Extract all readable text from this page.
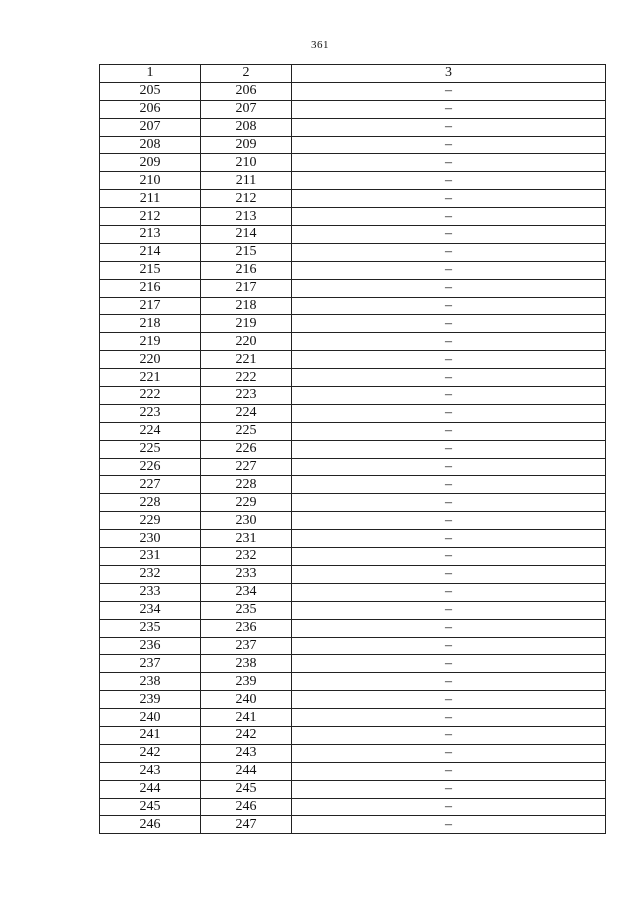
361
1	2	3
205	206	–
206	207	–
207	208	–
208	209	–
209	210	–
210	211	–
211	212	–
212	213	–
213	214	–
214	215	–
215	216	–
216	217	–
217	218	–
218	219	–
219	220	–
220	221	–
221	222	–
222	223	–
223	224	–
224	225	–
225	226	–
226	227	–
227	228	–
228	229	–
229	230	–
230	231	–
231	232	–
232	233	–
233	234	–
234	235	–
235	236	–
236	237	–
237	238	–
238	239	–
239	240	–
240	241	–
241	242	–
242	243	–
243	244	–
244	245	–
245	246	–
246	247	–
